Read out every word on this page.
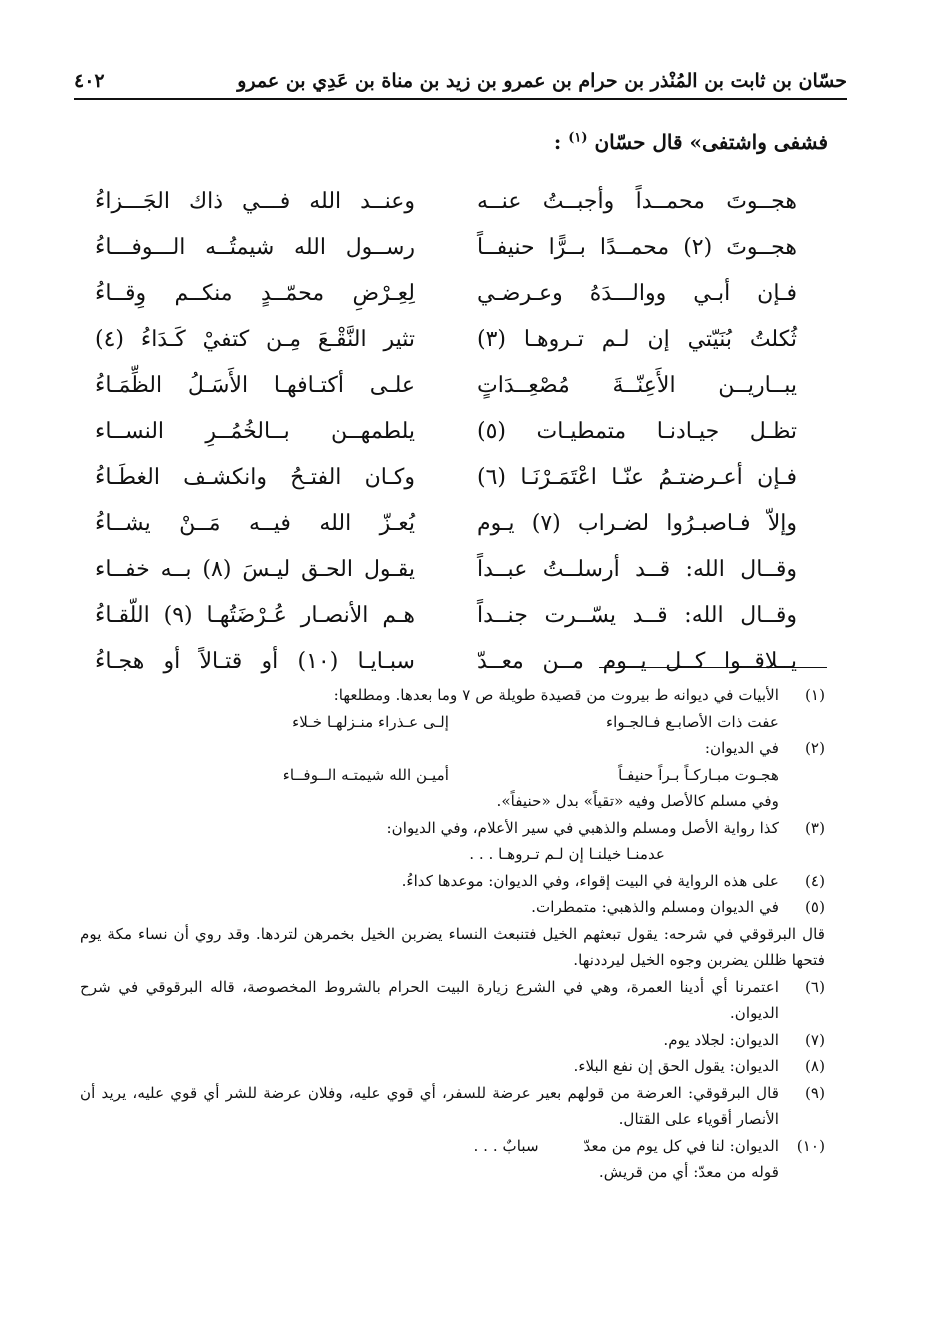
حسّان بن ثابت بن المُنْذر بن حرام بن عمرو بن زيد بن مناة بن عَدِي بن عمرو
٤٠٢
فشفى واشتفى» قال حسّان $^{(١)}$ :
هجــوتَ محمــداً وأجبــتُ عنــه
وعنــد الله فـــي ذاك الجَـــزاءُ
هجــوتَ (٢) محمــدًا بــرًّا حنيفــاً
رســول الله شيمتُــه الـــوفـــاءُ
فـإن أبـي ووالـــدَهُ وعـرضـي
لِعِـرْضِ محمّــدٍ منكــم وِقــاءُ
ثُكلتُ بُنَيّتي إن لـم تـروهـا (٣)
تثير النَّقْـعَ مِـن كتفيْ كَـدَاءُ (٤)
يبــاريــن الأَعِنّــةَ مُصْعِــدَاتٍ
علـى أكتـافهـا الأَسَـلُ الظِّمَـاءُ
تظـل جيـادنـا متمطيـات (٥)
يلطمهــن بــالخُمُــرِ النســاء
فـإن أعـرضتـمُ عنّـا اعْتَمَـرْنَـا (٦)
وكـان الفتـحُ وانكشـف الغطَـاءُ
وإلاّ فـاصبـرُوا لضـراب (٧) يـوم
يُعـزّ الله فيــه مَــنْ يشــاءُ
وقــال الله: قــد أرسلــتُ عبــداً
يقـول الحـق ليـسَ (٨) بــه خفــاء
وقــال الله: قــد يسّــرت جنــداً
هـم الأنصـار عُـرْضَتُهـا (٩) اللّقـاءُ
يــلاقــوا كــل يــوم مــن معــدّ
سبـايـا (١٠) أو قتـالاً أو هجـاءُ
(١)
الأبيات في ديوانه ط بيروت من قصيدة طويلة ص ٧ وما بعدها. ومطلعها:
عفت ذات الأصابـع فـالجـواء
إلـى عـذراء منـزلهـا خـلاء
(٢)
في الديوان:
هجـوت مبـاركـاً بـراً حنيفـاً
أميـن الله شيمتـه الــوفــاء
وفي مسلم كالأصل وفيه «تقياً» بدل «حنيفاً».
(٣)
كذا رواية الأصل ومسلم والذهبي في سير الأعلام، وفي الديوان:
عدمنـا خيلنـا إن لـم تـروهـا . . .
(٤)
على هذه الرواية في البيت إقواء، وفي الديوان: موعدها كداءُ.
(٥)
في الديوان ومسلم والذهبي: متمطرات.
قال البرقوقي في شرحه: يقول تبعثهم الخيل فتنبعث النساء يضربن الخيل بخمرهن لتردها. وقد روي أن نساء مكة يوم فتحها ظللن يضربن وجوه الخيل ليرددنها.
(٦)
اعتمرنا أي أدينا العمرة، وهي في الشرع زيارة البيت الحرام بالشروط المخصوصة، قاله البرقوقي في شرح الديوان.
(٧)
الديوان: لجلاد يوم.
(٨)
الديوان: يقول الحق إن نفع البلاء.
(٩)
قال البرقوقي: العرضة من قولهم بعير عرضة للسفر، أي قوي عليه، وفلان عرضة للشر أي قوي عليه، يريد أن الأنصار أقوياء على القتال.
(١٠)
الديوان: لنا في كل يوم من معدّ سبابٌ . . .
قوله من معدّ: أي من قريش.
